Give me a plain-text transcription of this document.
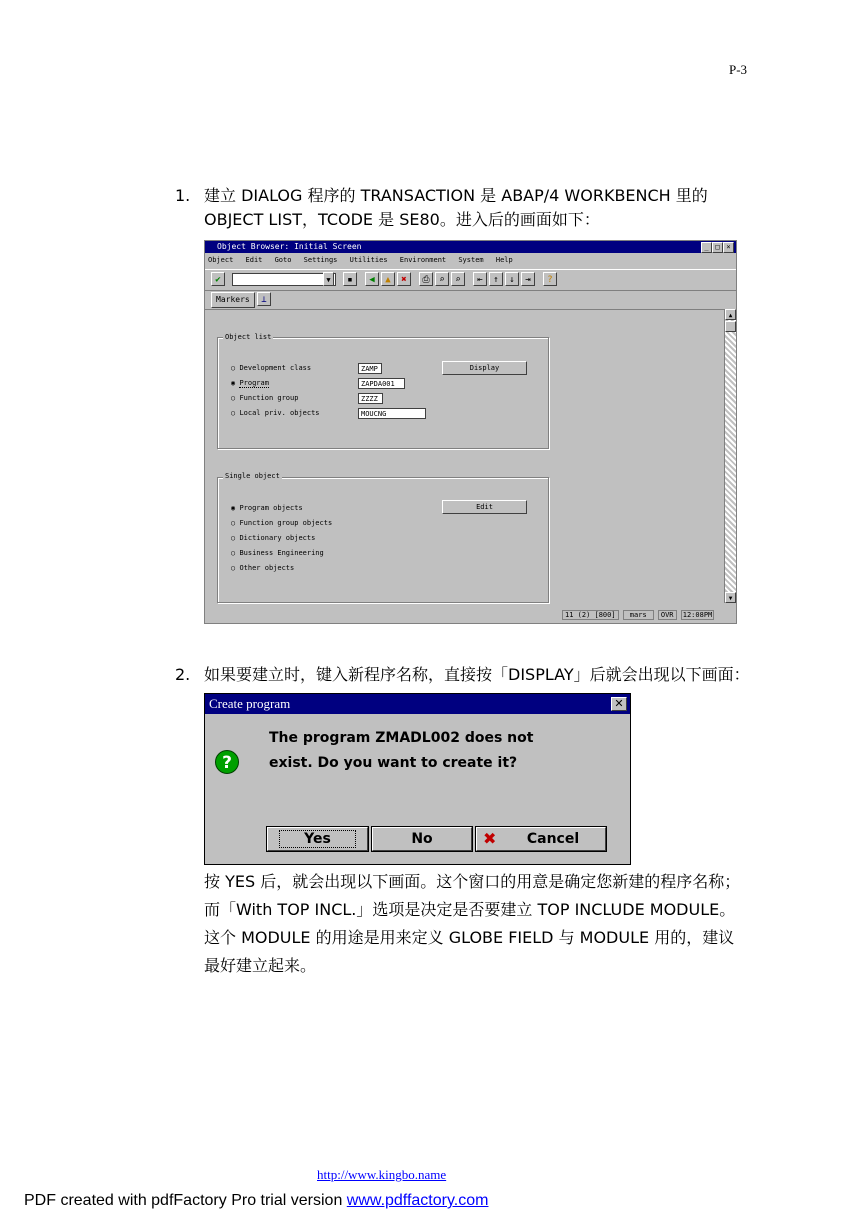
P-3
1. 建立 DIALOG 程序的 TRANSACTION 是 ABAP/4 WORKBENCH 里的
OBJECT LIST，TCODE 是 SE80。进入后的画面如下：
Object Browser: Initial Screen	_ □ ×
Object Edit Goto Settings Utilities Environment System Help
✔	▼	▪	◀	▲	✖	⎙	⌕	⌕	⇤	↑	↓	⇥	?
Markers	⊥
Object list
○ Development class
◉ Program
○ Function group
○ Local priv. objects
ZAMP
ZAPDA001
ZZZZ
MOUCNG
Display
Single object
◉ Program objects
○ Function group objects
○ Dictionary objects
○ Business Engineering
○ Other objects
Edit
▲
▼
11 (2) [800] mars OVR 12:08PM
2. 如果要建立时，键入新程序名称，直接按「DISPLAY」后就会出现以下画面：
Create program	✕
?
The program ZMADL002 does not
exist. Do you want to create it?
Yes	No	✖ Cancel
按 YES 后，就会出现以下画面。这个窗口的用意是确定您新建的程序名称；
而「With TOP INCL.」选项是决定是否要建立 TOP INCLUDE MODULE。
这个 MODULE 的用途是用来定义 GLOBE FIELD 与 MODULE 用的，建议
最好建立起来。
http://www.kingbo.name
PDF created with pdfFactory Pro trial version www.pdffactory.com
